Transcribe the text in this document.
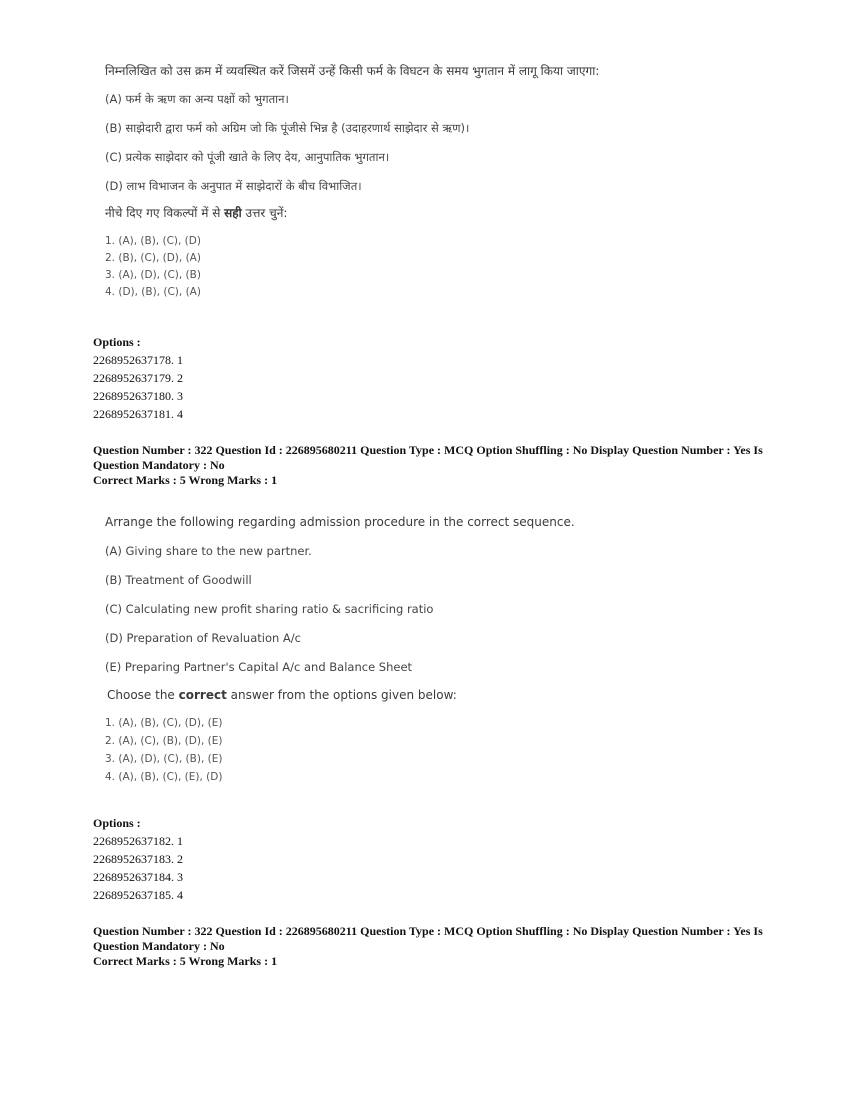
निम्नलिखित को उस क्रम में व्यवस्थित करें जिसमें उन्हें किसी फर्म के विघटन के समय भुगतान में लागू किया जाएगा:

(A) फर्म के ऋण का अन्य पक्षों को भुगतान।

(B) साझेदारी द्वारा फर्म को अग्रिम जो कि पूंजीसे भिन्न है (उदाहरणार्थ साझेदार से ऋण)।

(C) प्रत्येक साझेदार को पूंजी खाते के लिए देय, आनुपातिक भुगतान।

(D) लाभ विभाजन के अनुपात में साझेदारों के बीच विभाजित।

नीचे दिए गए विकल्पों में से सही उत्तर चुनें:

1. (A), (B), (C), (D)

2. (B), (C), (D), (A)

3. (A), (D), (C), (B)

4. (D), (B), (C), (A)

Options :

2268952637178. 1

2268952637179. 2

2268952637180. 3

2268952637181. 4

Question Number : 322 Question Id : 226895680211 Question Type : MCQ Option Shuffling : No Display Question Number : Yes Is

Question Mandatory : No

Correct Marks : 5 Wrong Marks : 1

Arrange the following regarding admission procedure in the correct sequence.

(A) Giving share to the new partner.

(B) Treatment of Goodwill

(C) Calculating new profit sharing ratio & sacrificing ratio

(D) Preparation of Revaluation A/c

(E) Preparing Partner's Capital A/c and Balance Sheet

Choose the correct answer from the options given below:

1. (A), (B), (C), (D), (E)

2. (A), (C), (B), (D), (E)

3. (A), (D), (C), (B), (E)

4. (A), (B), (C), (E), (D)

Options :

2268952637182. 1

2268952637183. 2

2268952637184. 3

2268952637185. 4

Question Number : 322 Question Id : 226895680211 Question Type : MCQ Option Shuffling : No Display Question Number : Yes Is

Question Mandatory : No

Correct Marks : 5 Wrong Marks : 1
